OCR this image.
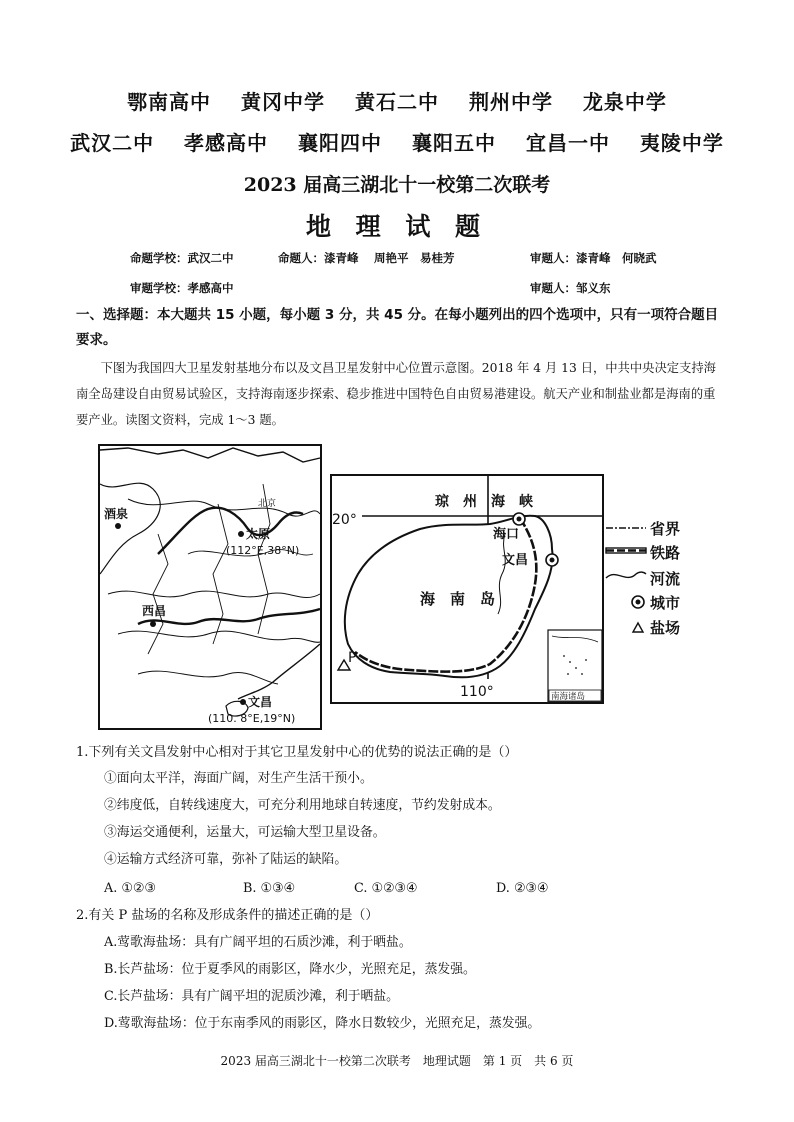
鄂南高中 黄冈中学 黄石二中 荆州中学 龙泉中学
武汉二中 孝感高中 襄阳四中 襄阳五中 宜昌一中 夷陵中学
2023 届高三湖北十一校第二次联考
地 理 试 题
命题学校：武汉二中	命题人：漆青峰　 周艳平　易桂芳	审题人：漆青峰　何晓武
审题学校：孝感高中	审题人：邹义东
一、选择题：本大题共 15 小题，每小题 3 分，共 45 分。在每小题列出的四个选项中，只有一项符合题目要求。
下图为我国四大卫星发射基地分布以及文昌卫星发射中心位置示意图。2018 年 4 月 13 日，中共中央决定支持海南全岛建设自由贸易试验区，支持海南逐步探索、稳步推进中国特色自由贸易港建设。航天产业和制盐业都是海南的重要产业。读图文资料，完成 1～3 题。
北京
酒泉
太原
(112°E,38°N)
西昌
文昌
(110. 8°E,19°N)
琼　州　海　峡
20°
海口
文昌
海　南　岛
P
110°	南海诸岛
省界
铁路
河流
城市
盐场
1.下列有关文昌发射中心相对于其它卫星发射中心的优势的说法正确的是（）
①面向太平洋，海面广阔，对生产生活干预小。
②纬度低，自转线速度大，可充分利用地球自转速度，节约发射成本。
③海运交通便利，运量大，可运输大型卫星设备。
④运输方式经济可靠，弥补了陆运的缺陷。
A. ①②③	B. ①③④	C. ①②③④	D. ②③④
2.有关 P 盐场的名称及形成条件的描述正确的是（）
A.莺歌海盐场：具有广阔平坦的石质沙滩，利于晒盐。
B.长芦盐场：位于夏季风的雨影区，降水少，光照充足，蒸发强。
C.长芦盐场：具有广阔平坦的泥质沙滩，利于晒盐。
D.莺歌海盐场：位于东南季风的雨影区，降水日数较少，光照充足，蒸发强。
2023 届高三湖北十一校第二次联考　地理试题　第 1 页　共 6 页
